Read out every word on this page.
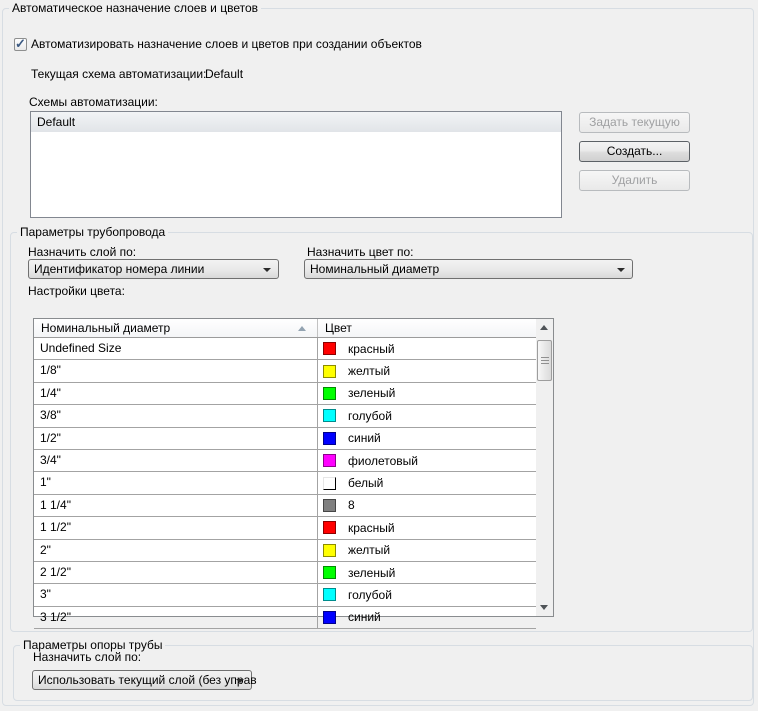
Автоматическое назначение слоев и цветов
✓
Автоматизировать назначение слоев и цветов при создании объектов
Текущая схема автоматизации:
Default
Схемы автоматизации:
Default	Задать текущую
Создать...
Удалить
Параметры трубопровода
Назначить слой по:	Назначить цвет по:
Идентификатор номера линии	Номинальный диаметр
Настройки цвета:
Номинальный диаметр	Цвет
Undefined Size	красный
1/8"	желтый
1/4"	зеленый
3/8"	голубой
1/2"	синий
3/4"	фиолетовый
1"	белый
1 1/4"	8
1 1/2"	красный
2"	желтый
2 1/2"	зеленый
3"	голубой
3 1/2"	синий
Параметры опоры трубы
Назначить слой по:
Использовать текущий слой (без управ
